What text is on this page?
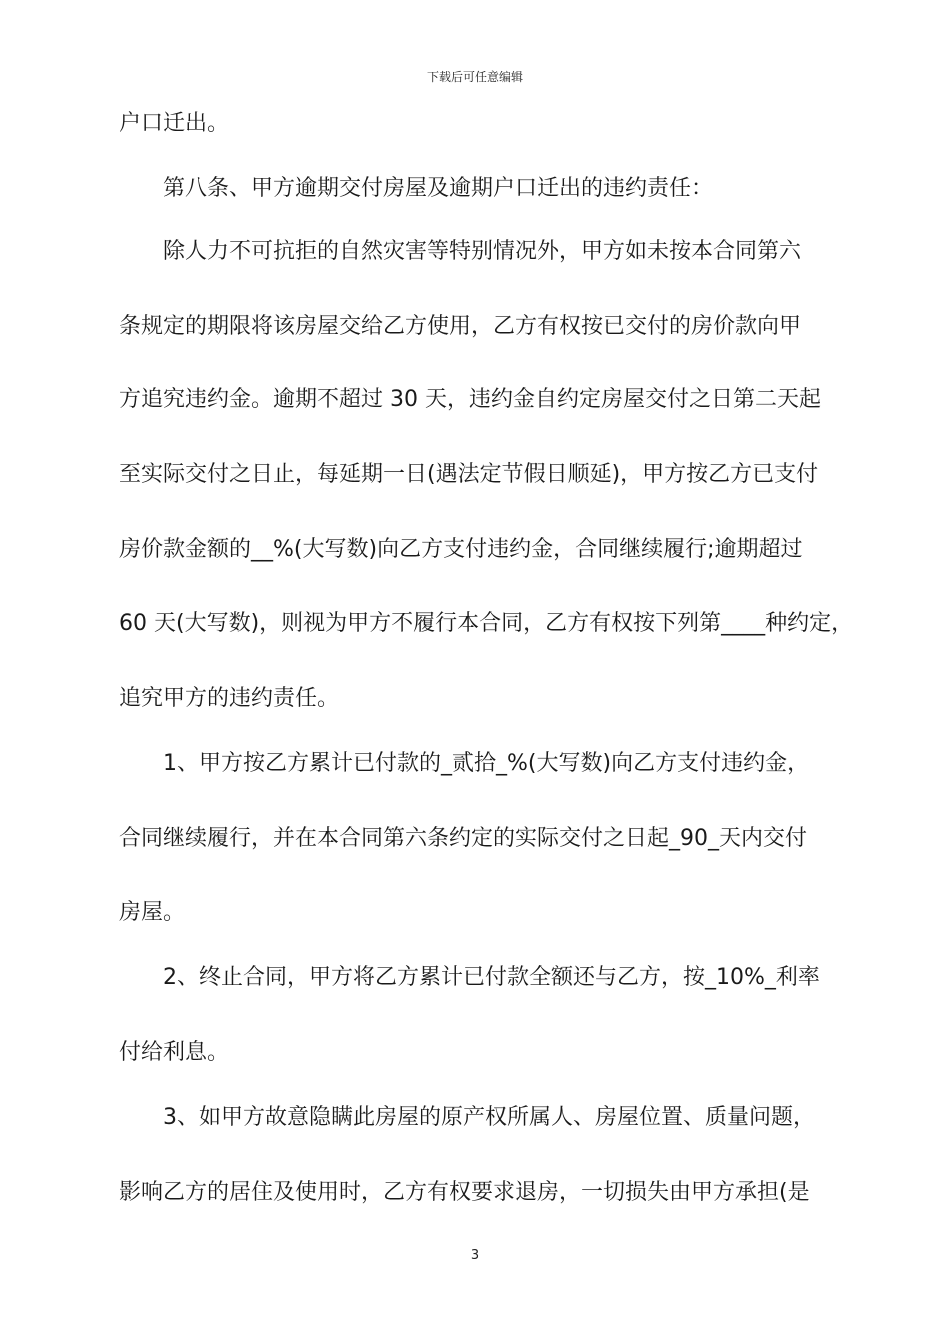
下载后可任意编辑
户口迁出。
第八条、甲方逾期交付房屋及逾期户口迁出的违约责任：
除人力不可抗拒的自然灾害等特别情况外，甲方如未按本合同第六
条规定的期限将该房屋交给乙方使用，乙方有权按已交付的房价款向甲
方追究违约金。逾期不超过 30 天，违约金自约定房屋交付之日第二天起
至实际交付之日止，每延期一日(遇法定节假日顺延)，甲方按乙方已支付
房价款金额的__%(大写数)向乙方支付违约金，合同继续履行;逾期超过
60 天(大写数)，则视为甲方不履行本合同，乙方有权按下列第____种约定，
追究甲方的违约责任。
1、甲方按乙方累计已付款的_贰拾_%(大写数)向乙方支付违约金，
合同继续履行，并在本合同第六条约定的实际交付之日起_90_天内交付
房屋。
2、终止合同，甲方将乙方累计已付款全额还与乙方，按_10%_利率
付给利息。
3、如甲方故意隐瞒此房屋的原产权所属人、房屋位置、质量问题，
影响乙方的居住及使用时，乙方有权要求退房，一切损失由甲方承担(是
3
